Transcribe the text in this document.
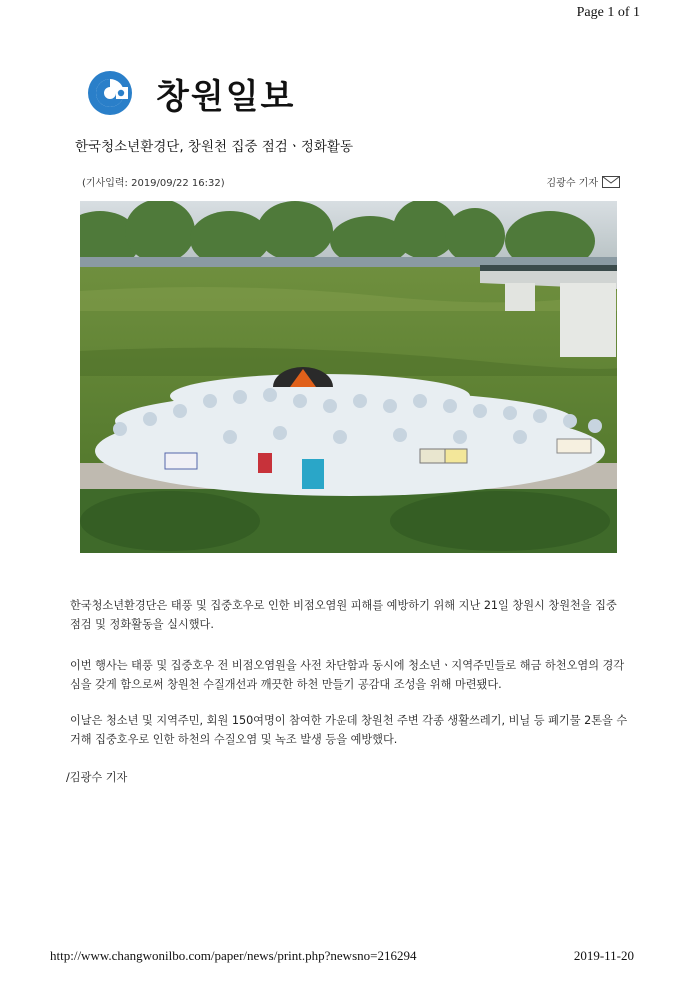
Page 1 of 1
창원일보
한국청소년환경단, 창원천 집중 점검ㆍ정화활동
(기사입력: 2019/09/22 16:32)	김광수 기자
한국청소년환경단은 태풍 및 집중호우로 인한 비점오염원 피해를 예방하기 위해 지난 21일 창원시 창원천을 집중 점검 및 정화활동을 실시했다.
이번 행사는 태풍 및 집중호우 전 비점오염원을 사전 차단함과 동시에 청소년ㆍ지역주민들로 해금 하천오염의 경각심을 갖게 함으로써 창원천 수질개선과 깨끗한 하천 만들기 공감대 조성을 위해 마련됐다.
이날은 청소년 및 지역주민, 회원 150여명이 참여한 가운데 창원천 주변 각종 생활쓰레기, 비닐 등 폐기물 2톤을 수거해 집중호우로 인한 하천의 수질오염 및 녹조 발생 등을 예방했다.
/김광수 기자
http://www.changwonilbo.com/paper/news/print.php?newsno=216294	2019-11-20
